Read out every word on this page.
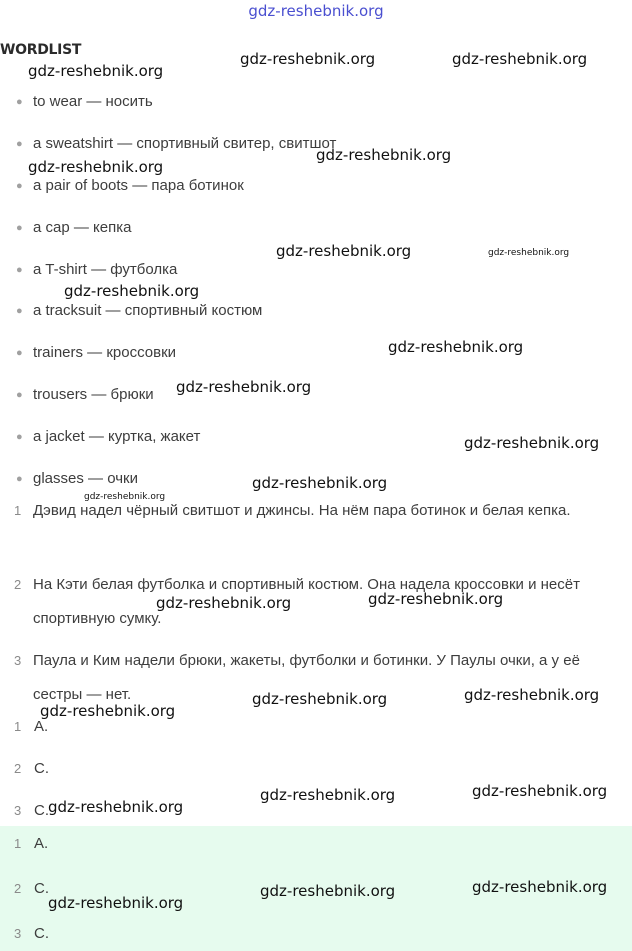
gdz-reshebnik.org
WORDLIST
● to wear — носить
● a sweatshirt — спортивный свитер, свитшот
● a pair of boots — пара ботинок
● a cap — кепка
● a T-shirt — футболка
● a tracksuit — спортивный костюм
● trainers — кроссовки
● trousers — брюки
● a jacket — куртка, жакет
● glasses — очки
1 Дэвид надел чёрный свитшот и джинсы. На нём пара ботинок и белая кепка.
2 На Кэти белая футболка и спортивный костюм. Она надела кроссовки и несёт спортивную сумку.
3 Паула и Ким надели брюки, жакеты, футболки и ботинки. У Паулы очки, а у её сестры — нет.
1 A.
2 C.
3 C.
1 A.
2 C.
3 C.
gdz-reshebnik.org
gdz-reshebnik.org	gdz-reshebnik.org
gdz-reshebnik.org
gdz-reshebnik.org
gdz-reshebnik.org	gdz-reshebnik.org
gdz-reshebnik.org
gdz-reshebnik.org
gdz-reshebnik.org
gdz-reshebnik.org
gdz-reshebnik.org
gdz-reshebnik.org
gdz-reshebnik.org	gdz-reshebnik.org
gdz-reshebnik.org	gdz-reshebnik.org
gdz-reshebnik.org
gdz-reshebnik.org
gdz-reshebnik.org	gdz-reshebnik.org
gdz-reshebnik.org	gdz-reshebnik.org
gdz-reshebnik.org
